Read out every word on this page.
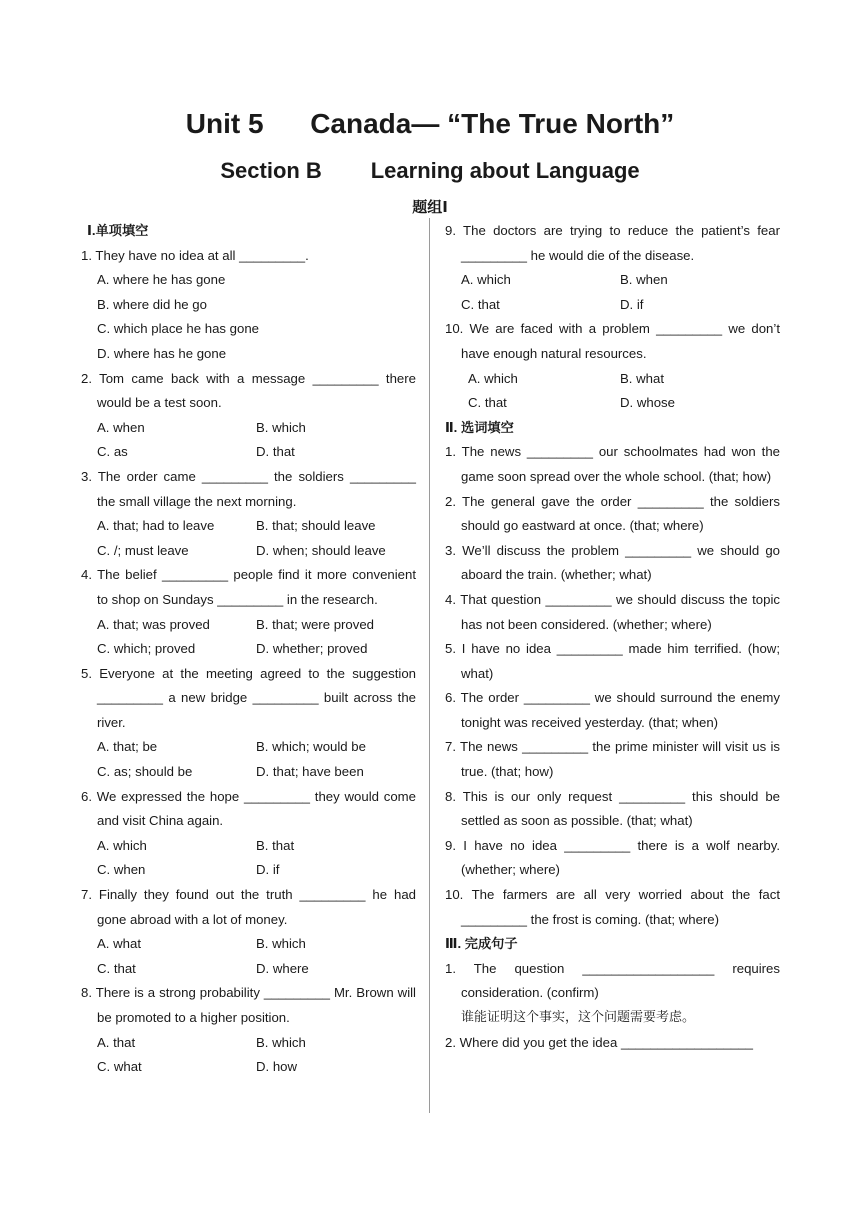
Unit 5      Canada— “The True North”
Section B        Learning about Language
题组Ⅰ
Ⅰ.单项填空
1. They have no idea at all _________.
A. where he has gone
B. where did he go
C. which place he has gone
D. where has he gone
2. Tom came back with a message _________ there would be a test soon.
A. when	B. which
C. as	D. that
3. The order came _________ the soldiers _________ the small village the next morning.
A. that; had to leave	B. that; should leave
C. /; must leave	D. when; should leave
4. The belief _________ people find it more convenient to shop on Sundays _________ in the research.
A. that; was proved	B. that; were proved
C. which; proved	D. whether; proved
5. Everyone at the meeting agreed to the suggestion _________ a new bridge _________ built across the river.
A. that; be	B. which; would be
C. as; should be	D. that; have been
6. We expressed the hope _________ they would come and visit China again.
A. which	B. that
C. when	D. if
7. Finally they found out the truth _________ he had gone abroad with a lot of money.
A. what	B. which
C. that	D. where
8. There is a strong probability _________ Mr. Brown will be promoted to a higher position.
A. that	B. which
C. what	D. how
9. The doctors are trying to reduce the patient’s fear _________ he would die of the disease.
A. which	B. when
C. that	D. if
10. We are faced with a problem _________ we don’t have enough natural resources.
A. which	B. what
C. that	D. whose
Ⅱ. 选词填空
1. The news _________ our schoolmates had won the game soon spread over the whole school. (that; how)
2. The general gave the order _________ the soldiers should go eastward at once. (that; where)
3. We’ll discuss the problem _________ we should go aboard the train. (whether; what)
4. That question _________ we should discuss the topic has not been considered. (whether; where)
5. I have no idea _________ made him terrified. (how; what)
6. The order _________ we should surround the enemy tonight was received yesterday. (that; when)
7. The news _________ the prime minister will visit us is true. (that; how)
8. This is our only request _________ this should be settled as soon as possible. (that; what)
9. I have no idea _________ there is a wolf nearby. (whether; where)
10. The farmers are all very worried about the fact _________ the frost is coming. (that; where)
Ⅲ. 完成句子
1. The question __________________ requires consideration. (confirm)
谁能证明这个事实，这个问题需要考虑。
2. Where did you get the idea __________________
